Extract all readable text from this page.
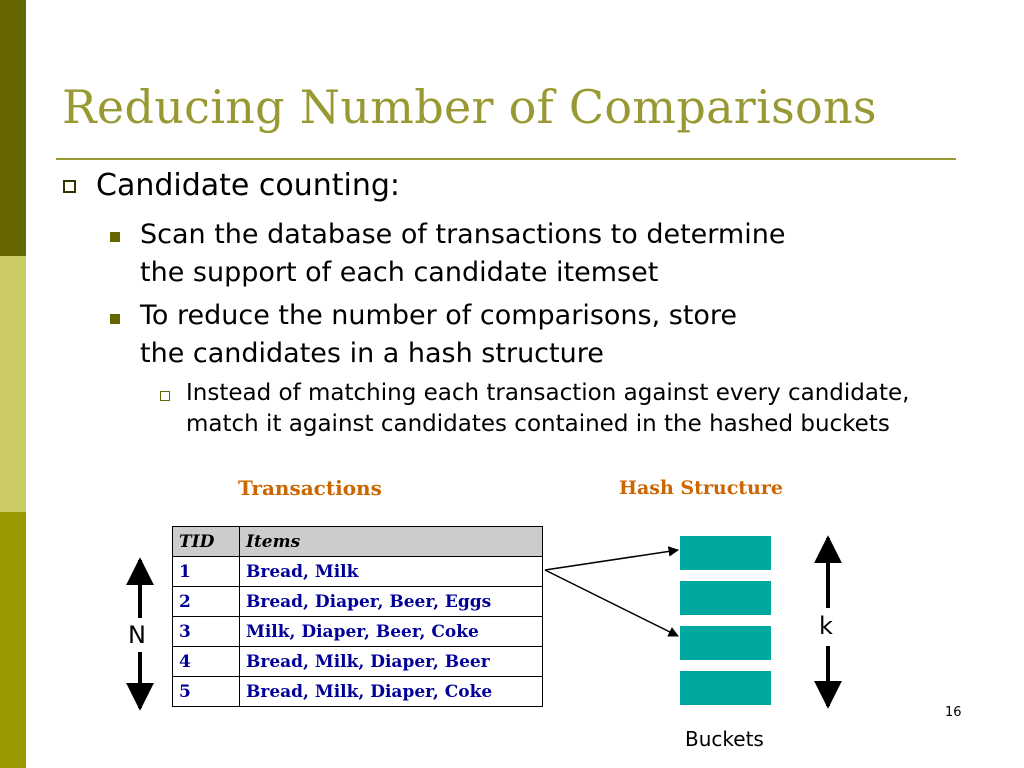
Reducing Number of Comparisons
Candidate counting:
Scan the database of transactions to determine
the support of each candidate itemset
To reduce the number of comparisons, store
the candidates in a hash structure
Instead of matching each transaction against every candidate, match it against candidates contained in the hashed buckets
Transactions	Hash Structure
TID	Items
1	Bread, Milk
2	Bread, Diaper, Beer, Eggs
3	Milk, Diaper, Beer, Coke
4	Bread, Milk, Diaper, Beer
5	Bread, Milk, Diaper, Coke
N	k
Buckets
16
